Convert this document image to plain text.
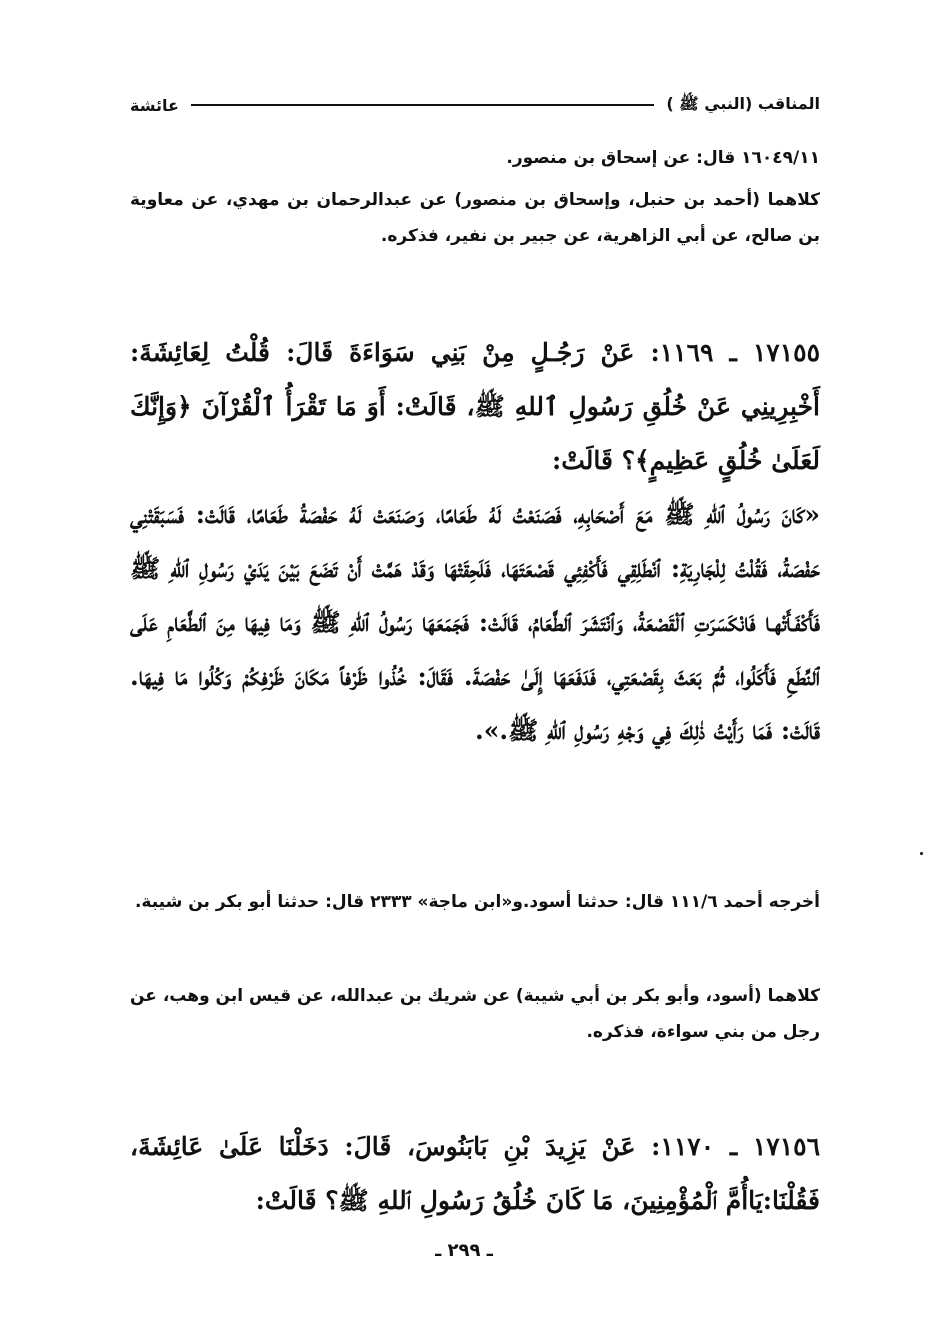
المناقب (النبي ﷺ )
عائشة
١٦٠٤٩/١١ قال: عن إسحاق بن منصور.
كلاهما (أحمد بن حنبل، وإسحاق بن منصور) عن عبدالرحمان بن مهدي، عن معاوية بن صالح، عن أبي الزاهرية، عن جبير بن نفير، فذكره.
١٧١٥٥ ـ ١١٦٩: عَنْ رَجُـلٍ مِنْ بَنِي سَوَاءَةَ قَالَ: قُلْتُ لِعَائِشَةَ: أَخْبِرِينِي عَنْ خُلُقِ رَسُولِ ٱللهِ ﷺ، قَالَتْ: أَوَ مَا تَقْرَأُ ٱلْقُرْآنَ ﴿وَإِنَّكَ لَعَلَىٰ خُلُقٍ عَظِيمٍ﴾؟ قَالَتْ:
«كَانَ رَسُولُ ٱللهِ ﷺ مَعَ أَصْحَابِهِ، فَصَنَعْتُ لَهُ طَعَامًا، وَصَنَعَتْ لَهُ حَفْصَةُ طَعَامًا، قَالَتْ: فَسَبَقَتْنِي حَفْصَةُ، فَقُلْتُ لِلْجَارِيَةِ: ٱنْطَلِقِي فَأَكْفِئِي قَصْعَتَهَا، فَلَحِقَتْهَا وَقَدْ هَمَّتْ أَنْ تَضَعَ بَيْنَ يَدَيْ رَسُولِ ٱللهِ ﷺ فَأَكْفَـأَتْهـا فَانْكَسَرَتِ ٱلْقَصْعَةُ، وَٱنْتَشَرَ ٱلطَّعَامُ، قَالَتْ: فَجَمَعَهَا رَسُولُ ٱللهِ ﷺ وَمَا فِيهَا مِنَ ٱلطَّعَامِ عَلَى ٱلنِّطَعِ فَأَكَلُوا، ثُمَّ بَعَثَ بِقَصْعَتِي، فَدَفَعَهَا إِلَىٰ حَفْصَةَ. فَقَالَ: خُذُوا ظَرْفاً مَكَانَ ظَرْفِكُمْ وَكُلُوا مَا فِيهَا. قَالَتْ: فَمَا رَأَيْتُ ذٰلِكَ فِي وَجْهِ رَسُولِ ٱللهِ ﷺ.».
أخرجه أحمد ١١١/٦ قال: حدثنا أسود.و«ابن ماجة» ٢٣٣٣ قال: حدثنا أبو بكر بن شيبة.
كلاهما (أسود، وأبو بكر بن أبي شيبة) عن شريك بن عبدالله، عن قيس ابن وهب، عن رجل من بني سواءة، فذكره.
١٧١٥٦ ـ ١١٧٠: عَنْ يَزِيدَ بْنِ بَابَنُوسَ، قَالَ: دَخَلْنَا عَلَىٰ عَائِشَةَ، فَقُلْنَا:يَاأُمَّ ٱلْمُؤْمِنِينَ، مَا كَانَ خُلُقُ رَسُولِ ٱللهِ ﷺ؟ قَالَتْ:
ـ ٢٩٩ ـ
